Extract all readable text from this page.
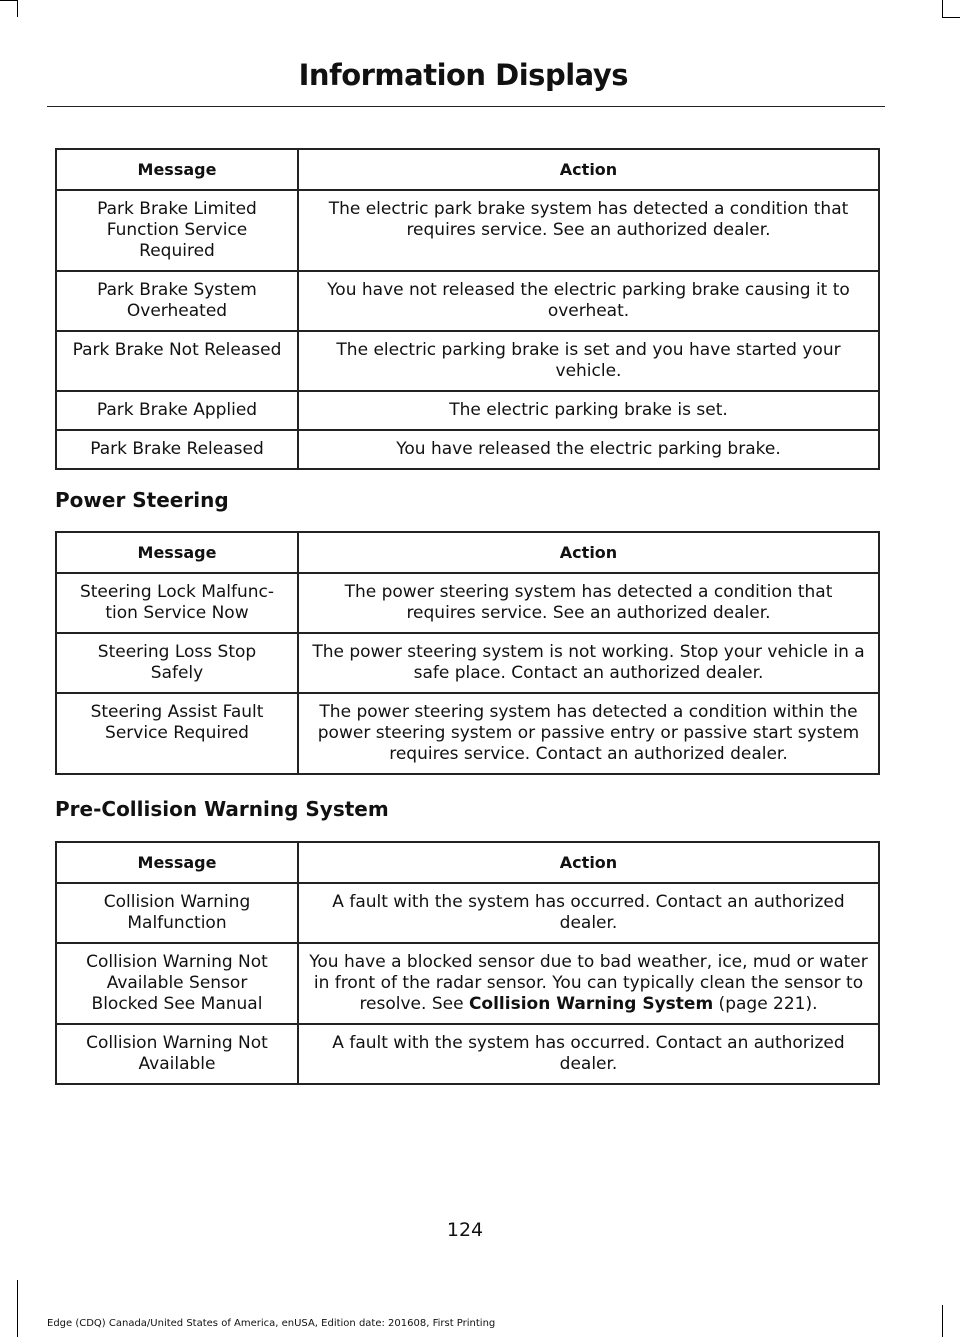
Information Displays
Message	Action
Park Brake Limited Function Service Required	The electric park brake system has detected a condition that requires service. See an authorized dealer.
Park Brake System Overheated	You have not released the electric parking brake causing it to overheat.
Park Brake Not Released	The electric parking brake is set and you have started your vehicle.
Park Brake Applied	The electric parking brake is set.
Park Brake Released	You have released the electric parking brake.
Power Steering
Message	Action
Steering Lock Malfunc-tion Service Now	The power steering system has detected a condition that requires service. See an authorized dealer.
Steering Loss Stop Safely	The power steering system is not working. Stop your vehicle in a safe place. Contact an authorized dealer.
Steering Assist Fault Service Required	The power steering system has detected a condition within the power steering system or passive entry or passive start system requires service. Contact an authorized dealer.
Pre-Collision Warning System
Message	Action
Collision Warning Malfunction	A fault with the system has occurred. Contact an authorized dealer.
Collision Warning Not Available Sensor Blocked See Manual	You have a blocked sensor due to bad weather, ice, mud or water in front of the radar sensor. You can typically clean the sensor to resolve. See Collision Warning System (page 221).
Collision Warning Not Available	A fault with the system has occurred. Contact an authorized dealer.
124
Edge (CDQ) Canada/United States of America, enUSA, Edition date: 201608, First Printing
